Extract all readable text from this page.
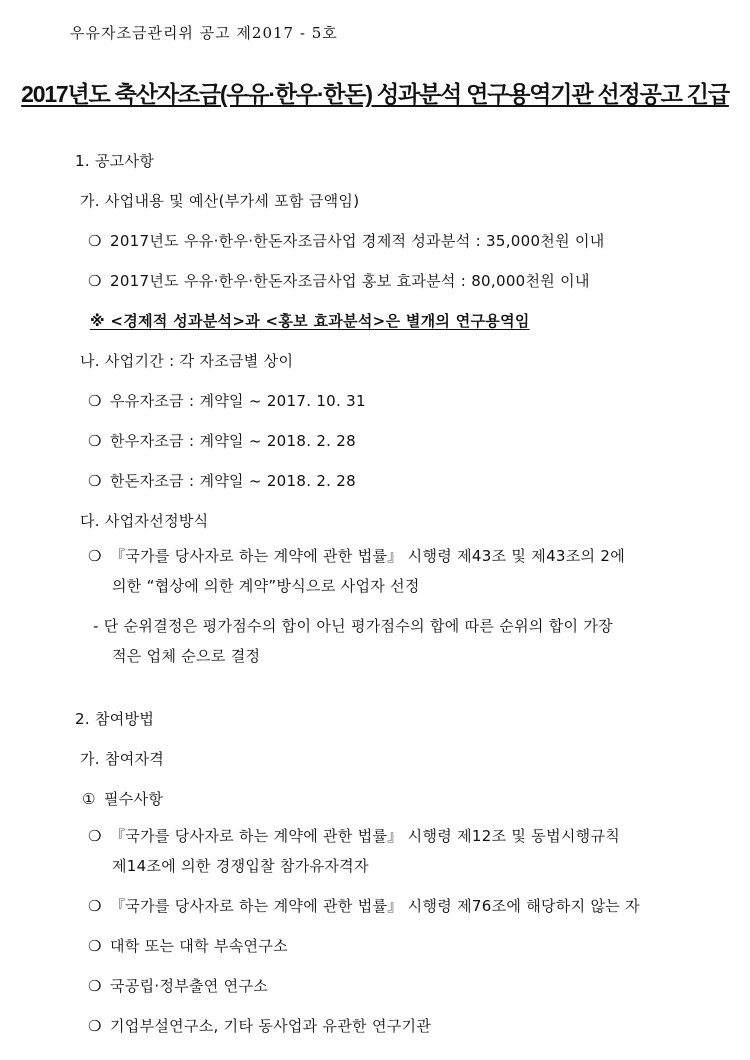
우유자조금관리위 공고 제2017 - 5호
2017년도 축산자조금(우유·한우·한돈) 성과분석 연구용역기관 선정공고 긴급
1. 공고사항
가. 사업내용 및 예산(부가세 포함 금액임)
❍ 2017년도 우유·한우·한돈자조금사업 경제적 성과분석 : 35,000천원 이내
❍ 2017년도 우유·한우·한돈자조금사업 홍보 효과분석 : 80,000천원 이내
※ <경제적 성과분석>과 <홍보 효과분석>은 별개의 연구용역임
나. 사업기간 : 각 자조금별 상이
❍ 우유자조금 : 계약일 ~ 2017. 10. 31
❍ 한우자조금 : 계약일 ~ 2018. 2. 28
❍ 한돈자조금 : 계약일 ~ 2018. 2. 28
다. 사업자선정방식
❍ 『국가를 당사자로 하는 계약에 관한 법률』 시행령 제43조 및 제43조의 2에
의한 “협상에 의한 계약”방식으로 사업자 선정
- 단 순위결정은 평가점수의 합이 아닌 평가점수의 합에 따른 순위의 합이 가장
적은 업체 순으로 결정
2. 참여방법
가. 참여자격
① 필수사항
❍ 『국가를 당사자로 하는 계약에 관한 법률』 시행령 제12조 및 동법시행규칙
제14조에 의한 경쟁입찰 참가유자격자
❍ 『국가를 당사자로 하는 계약에 관한 법률』 시행령 제76조에 해당하지 않는 자
❍ 대학 또는 대학 부속연구소
❍ 국공립·정부출연 연구소
❍ 기업부설연구소, 기타 동사업과 유관한 연구기관
